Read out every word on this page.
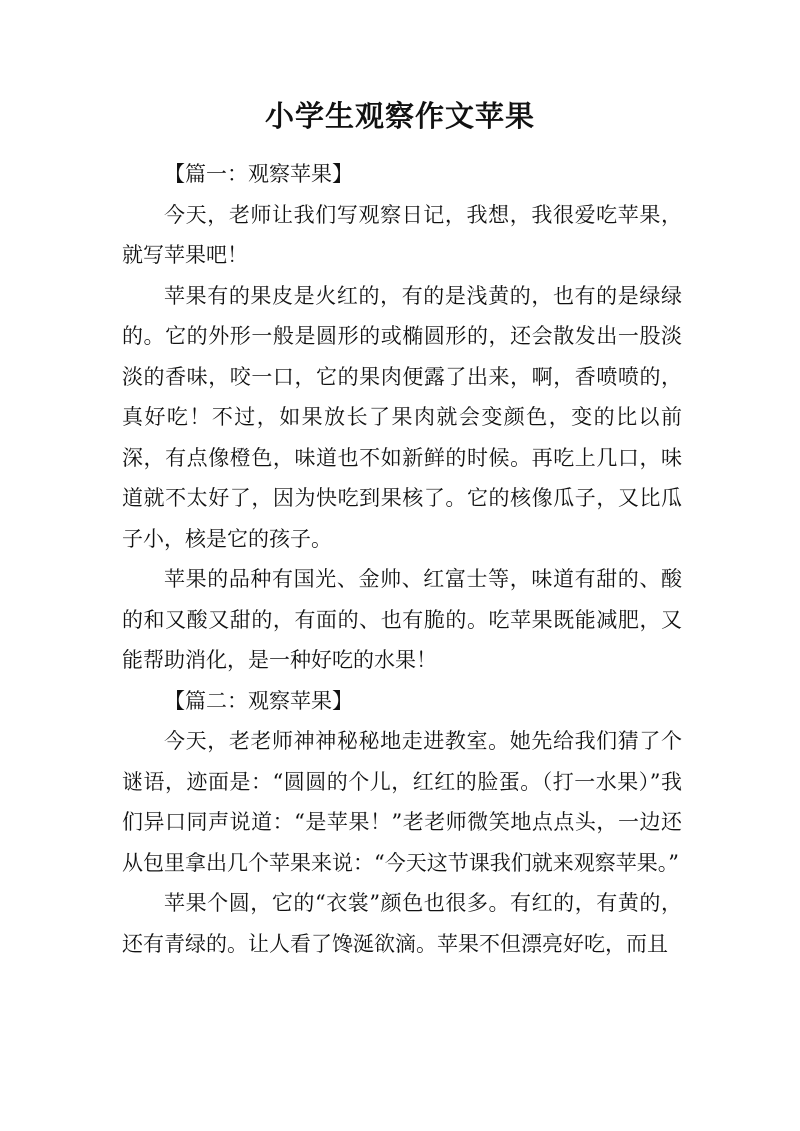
小学生观察作文苹果

【篇一：观察苹果】

今天，老师让我们写观察日记，我想，我很爱吃苹果，就写苹果吧！

苹果有的果皮是火红的，有的是浅黄的，也有的是绿绿的。它的外形一般是圆形的或椭圆形的，还会散发出一股淡淡的香味，咬一口，它的果肉便露了出来，啊，香喷喷的，真好吃！不过，如果放长了果肉就会变颜色，变的比以前深，有点像橙色，味道也不如新鲜的时候。再吃上几口，味道就不太好了，因为快吃到果核了。它的核像瓜子，又比瓜子小，核是它的孩子。

苹果的品种有国光、金帅、红富士等，味道有甜的、酸的和又酸又甜的，有面的、也有脆的。吃苹果既能减肥，又能帮助消化，是一种好吃的水果！

【篇二：观察苹果】

今天，老老师神神秘秘地走进教室。她先给我们猜了个谜语，迹面是：“圆圆的个儿，红红的脸蛋。（打一水果）”我们异口同声说道：“是苹果！”老老师微笑地点点头，一边还从包里拿出几个苹果来说：“今天这节课我们就来观察苹果。”

苹果个圆，它的“衣裳”颜色也很多。有红的，有黄的，还有青绿的。让人看了馋涎欲滴。苹果不但漂亮好吃，而且
